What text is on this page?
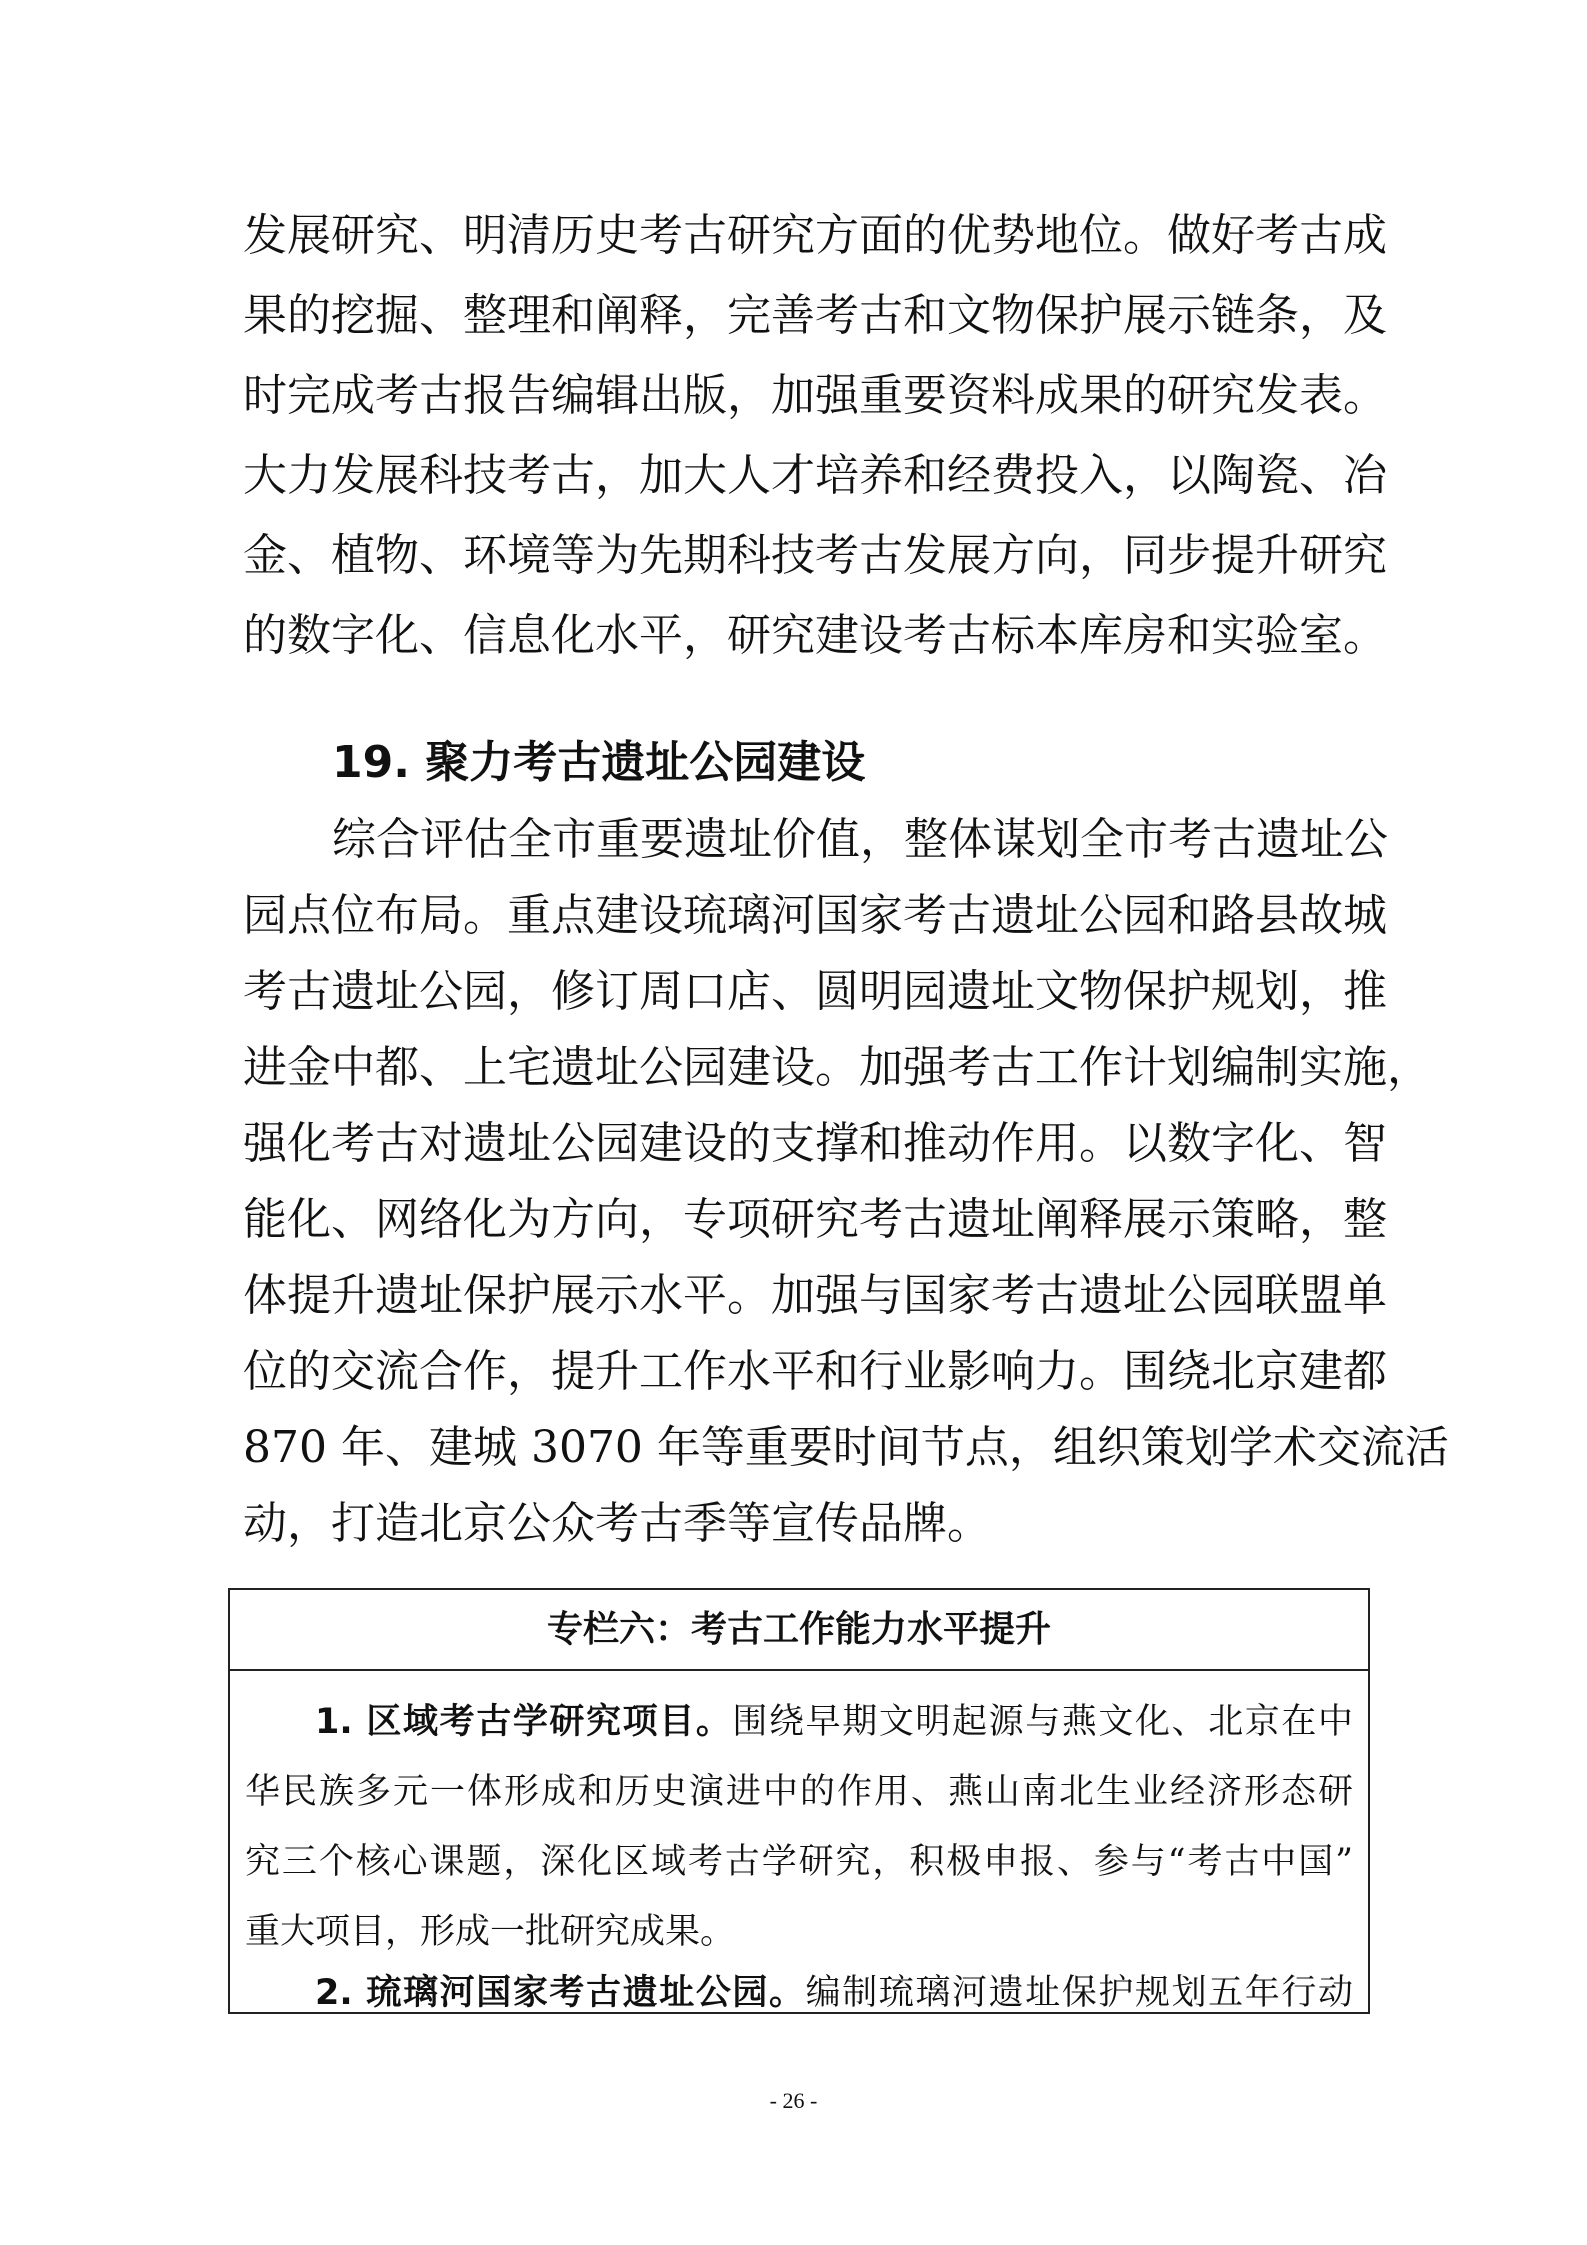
发展研究、明清历史考古研究方面的优势地位。做好考古成
果的挖掘、整理和阐释，完善考古和文物保护展示链条，及
时完成考古报告编辑出版，加强重要资料成果的研究发表。
大力发展科技考古，加大人才培养和经费投入，以陶瓷、冶
金、植物、环境等为先期科技考古发展方向，同步提升研究
的数字化、信息化水平，研究建设考古标本库房和实验室。
19. 聚力考古遗址公园建设
综合评估全市重要遗址价值，整体谋划全市考古遗址公
园点位布局。重点建设琉璃河国家考古遗址公园和路县故城
考古遗址公园，修订周口店、圆明园遗址文物保护规划，推
进金中都、上宅遗址公园建设。加强考古工作计划编制实施，
强化考古对遗址公园建设的支撑和推动作用。以数字化、智
能化、网络化为方向，专项研究考古遗址阐释展示策略，整
体提升遗址保护展示水平。加强与国家考古遗址公园联盟单
位的交流合作，提升工作水平和行业影响力。围绕北京建都
870 年、建城 3070 年等重要时间节点，组织策划学术交流活
动，打造北京公众考古季等宣传品牌。
专栏六：考古工作能力水平提升
1. 区域考古学研究项目。围绕早期文明起源与燕文化、北京在中
华民族多元一体形成和历史演进中的作用、燕山南北生业经济形态研
究三个核心课题，深化区域考古学研究，积极申报、参与“考古中国”
重大项目，形成一批研究成果。
2. 琉璃河国家考古遗址公园。编制琉璃河遗址保护规划五年行动
- 26 -
